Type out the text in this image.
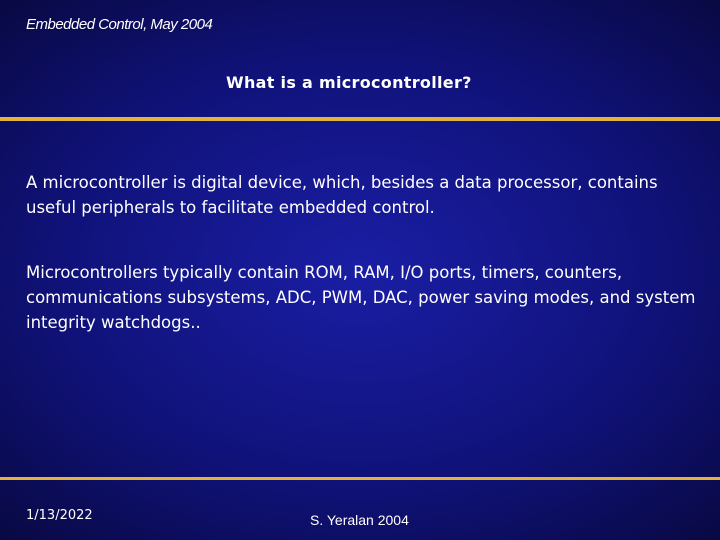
Embedded Control, May 2004
What is a microcontroller?
A microcontroller is digital device, which, besides a data processor, contains useful peripherals to facilitate embedded control.
Microcontrollers typically contain ROM, RAM, I/O ports, timers, counters, communications subsystems, ADC, PWM, DAC, power saving modes, and system integrity watchdogs..
1/13/2022	S. Yeralan 2004
